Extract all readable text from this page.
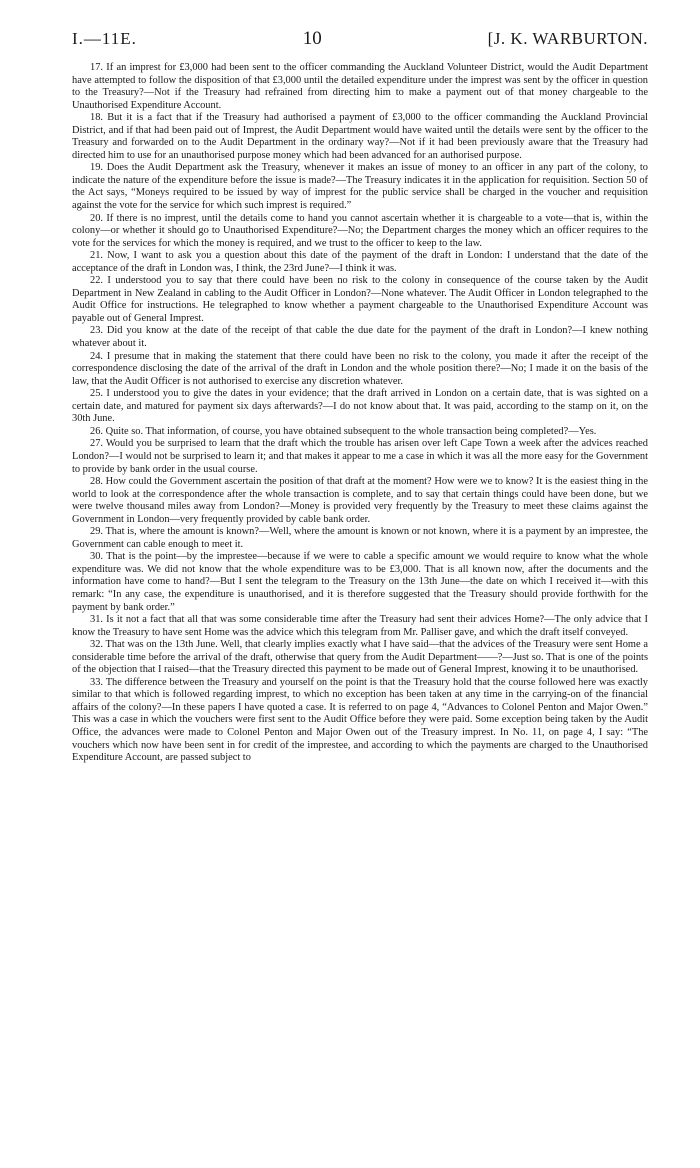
I.—11E.	10	[J. K. WARBURTON.

17. If an imprest for £3,000 had been sent to the officer commanding the Auckland Volunteer District, would the Audit Department have attempted to follow the disposition of that £3,000 until the detailed expenditure under the imprest was sent by the officer in question to the Treasury?—Not if the Treasury had refrained from directing him to make a payment out of that money chargeable to the Unauthorised Expenditure Account.

18. But it is a fact that if the Treasury had authorised a payment of £3,000 to the officer commanding the Auckland Provincial District, and if that had been paid out of Imprest, the Audit Department would have waited until the details were sent by the officer to the Treasury and forwarded on to the Audit Department in the ordinary way?—Not if it had been previously aware that the Treasury had directed him to use for an unauthorised purpose money which had been advanced for an authorised purpose.

19. Does the Audit Department ask the Treasury, whenever it makes an issue of money to an officer in any part of the colony, to indicate the nature of the expenditure before the issue is made?—The Treasury indicates it in the application for requisition. Section 50 of the Act says, “Moneys required to be issued by way of imprest for the public service shall be charged in the voucher and requisition against the vote for the service for which such imprest is required.”

20. If there is no imprest, until the details come to hand you cannot ascertain whether it is chargeable to a vote—that is, within the colony—or whether it should go to Unauthorised Expenditure?—No; the Department charges the money which an officer requires to the vote for the services for which the money is required, and we trust to the officer to keep to the law.

21. Now, I want to ask you a question about this date of the payment of the draft in London: I understand that the date of the acceptance of the draft in London was, I think, the 23rd June?—I think it was.

22. I understood you to say that there could have been no risk to the colony in consequence of the course taken by the Audit Department in New Zealand in cabling to the Audit Officer in London?—None whatever. The Audit Officer in London telegraphed to the Audit Office for instructions. He telegraphed to know whether a payment chargeable to the Unauthorised Expenditure Account was payable out of General Imprest.

23. Did you know at the date of the receipt of that cable the due date for the payment of the draft in London?—I knew nothing whatever about it.

24. I presume that in making the statement that there could have been no risk to the colony, you made it after the receipt of the correspondence disclosing the date of the arrival of the draft in London and the whole position there?—No; I made it on the basis of the law, that the Audit Officer is not authorised to exercise any discretion whatever.

25. I understood you to give the dates in your evidence; that the draft arrived in London on a certain date, that is was sighted on a certain date, and matured for payment six days afterwards?—I do not know about that. It was paid, according to the stamp on it, on the 30th June.

26. Quite so. That information, of course, you have obtained subsequent to the whole transaction being completed?—Yes.

27. Would you be surprised to learn that the draft which the trouble has arisen over left Cape Town a week after the advices reached London?—I would not be surprised to learn it; and that makes it appear to me a case in which it was all the more easy for the Government to provide by bank order in the usual course.

28. How could the Government ascertain the position of that draft at the moment? How were we to know? It is the easiest thing in the world to look at the correspondence after the whole transaction is complete, and to say that certain things could have been done, but we were twelve thousand miles away from London?—Money is provided very frequently by the Treasury to meet these claims against the Government in London—very frequently provided by cable bank order.

29. That is, where the amount is known?—Well, where the amount is known or not known, where it is a payment by an imprestee, the Government can cable enough to meet it.

30. That is the point—by the imprestee—because if we were to cable a specific amount we would require to know what the whole expenditure was. We did not know that the whole expenditure was to be £3,000. That is all known now, after the documents and the information have come to hand?—But I sent the telegram to the Treasury on the 13th June—the date on which I received it—with this remark: “In any case, the expenditure is unauthorised, and it is therefore suggested that the Treasury should provide forthwith for the payment by bank order.”

31. Is it not a fact that all that was some considerable time after the Treasury had sent their advices Home?—The only advice that I know the Treasury to have sent Home was the advice which this telegram from Mr. Palliser gave, and which the draft itself conveyed.

32. That was on the 13th June. Well, that clearly implies exactly what I have said—that the advices of the Treasury were sent Home a considerable time before the arrival of the draft, otherwise that query from the Audit Department——?—Just so. That is one of the points of the objection that I raised—that the Treasury directed this payment to be made out of General Imprest, knowing it to be unauthorised.

33. The difference between the Treasury and yourself on the point is that the Treasury hold that the course followed here was exactly similar to that which is followed regarding imprest, to which no exception has been taken at any time in the carrying-on of the financial affairs of the colony?—In these papers I have quoted a case. It is referred to on page 4, “Advances to Colonel Penton and Major Owen.” This was a case in which the vouchers were first sent to the Audit Office before they were paid. Some exception being taken by the Audit Office, the advances were made to Colonel Penton and Major Owen out of the Treasury imprest. In No. 11, on page 4, I say: “The vouchers which now have been sent in for credit of the imprestee, and according to which the payments are charged to the Unauthorised Expenditure Account, are passed subject to
